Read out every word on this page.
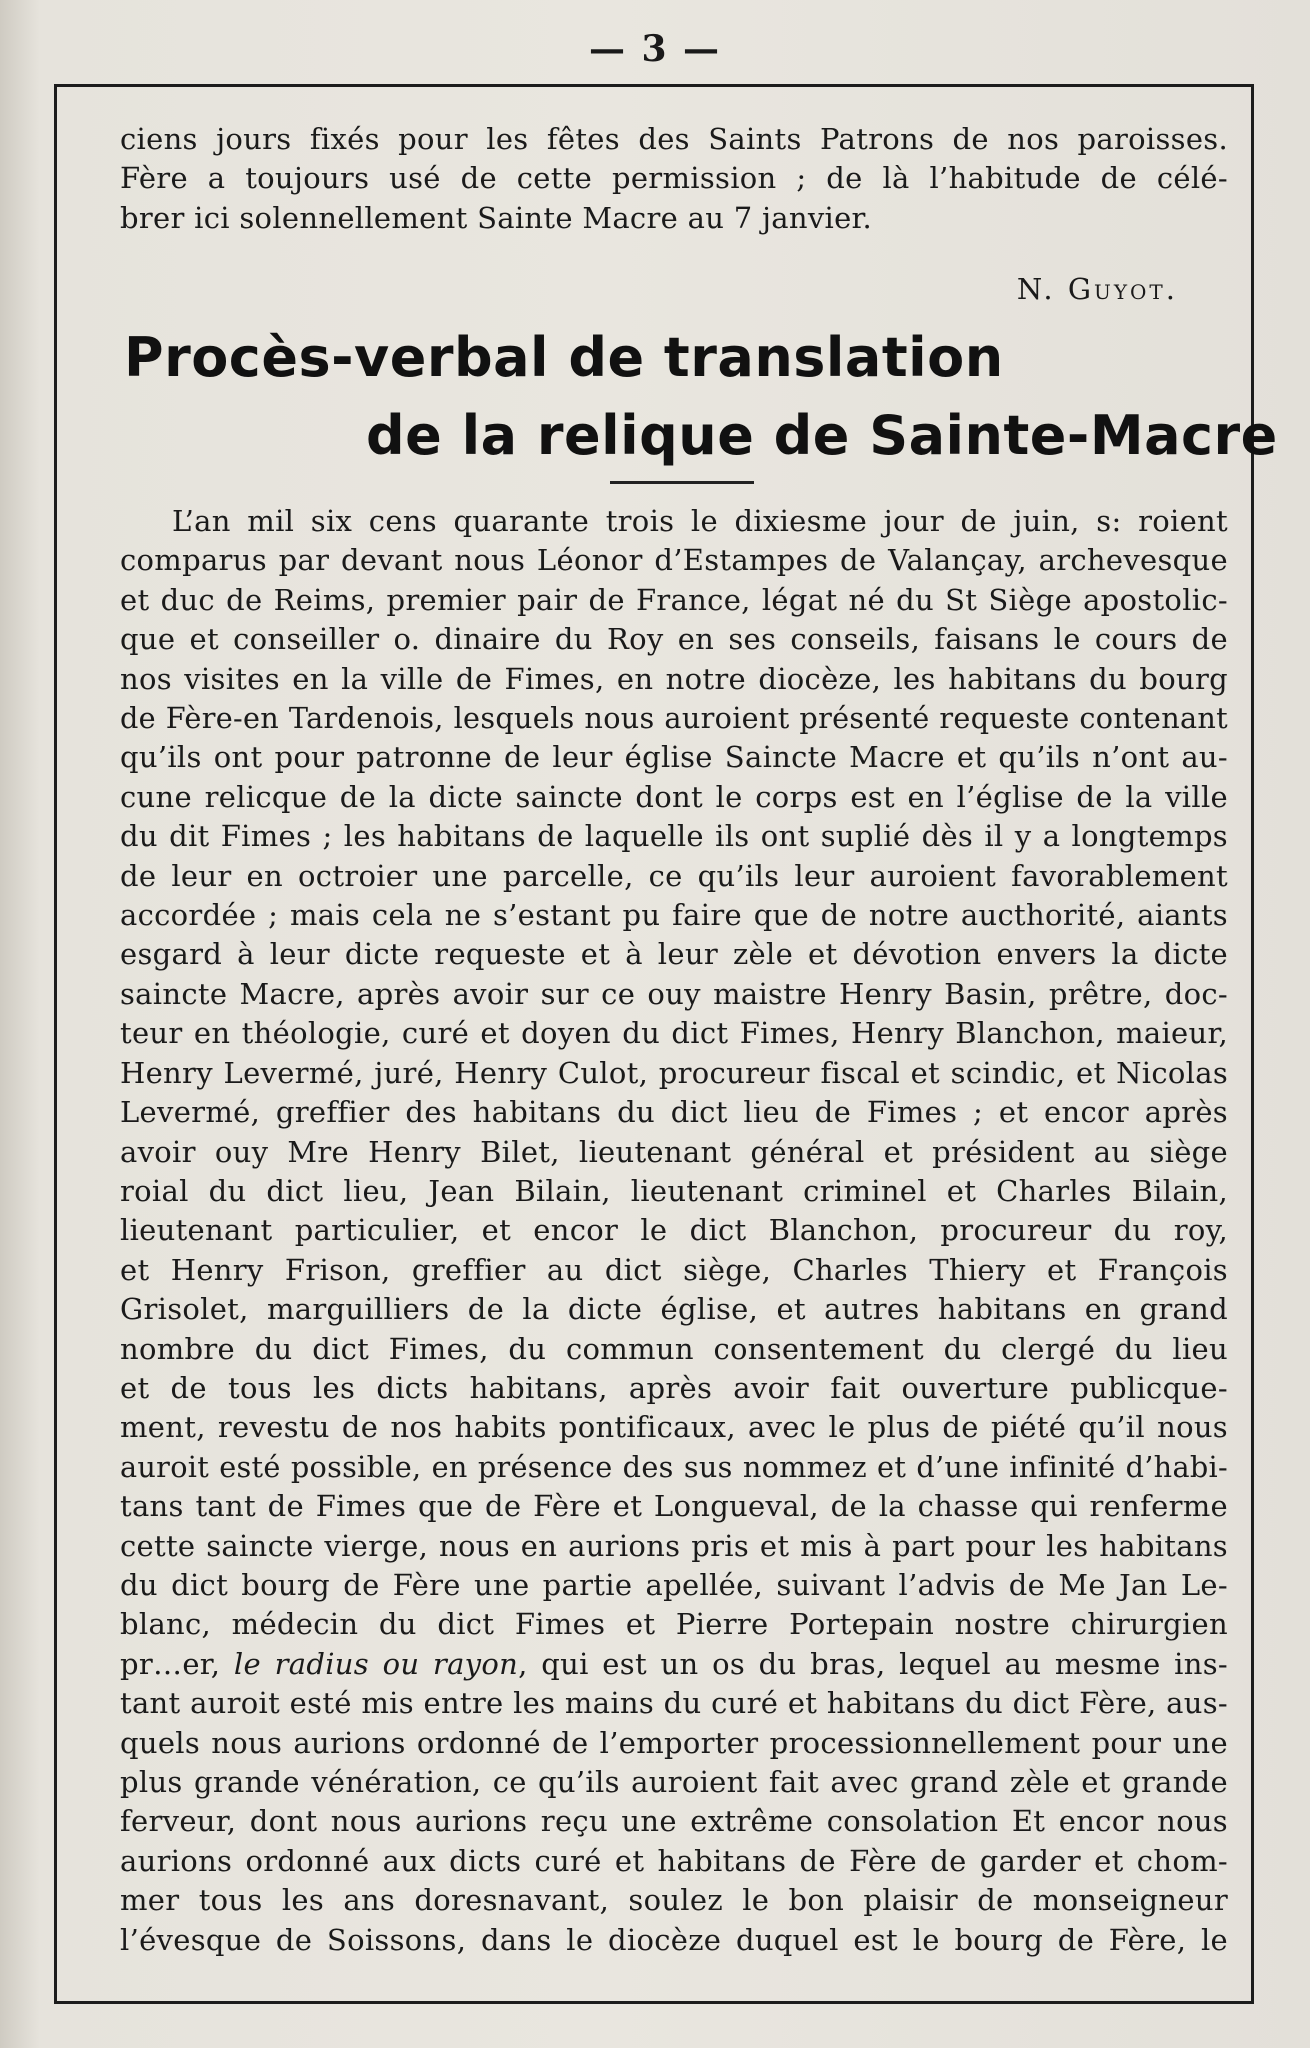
— 3 —
ciens jours fixés pour les fêtes des Saints Patrons de nos paroisses.
Fère a toujours usé de cette permission ; de là l’habitude de célé-
brer ici solennellement Sainte Macre au 7 janvier.
N. Guyot.
Procès-verbal de translation
de la relique de Sainte-Macre
L’an mil six cens quarante trois le dixiesme jour de juin, s: roient
comparus par devant nous Léonor d’Estampes de Valançay, archevesque
et duc de Reims, premier pair de France, légat né du St Siège apostolic-
que et conseiller o. dinaire du Roy en ses conseils, faisans le cours de
nos visites en la ville de Fimes, en notre diocèze, les habitans du bourg
de Fère-en Tardenois, lesquels nous auroient présenté requeste contenant
qu’ils ont pour patronne de leur église Saincte Macre et qu’ils n’ont au-
cune relicque de la dicte saincte dont le corps est en l’église de la ville
du dit Fimes ; les habitans de laquelle ils ont suplié dès il y a longtemps
de leur en octroier une parcelle, ce qu’ils leur auroient favorablement
accordée ; mais cela ne s’estant pu faire que de notre aucthorité, aiants
esgard à leur dicte requeste et à leur zèle et dévotion envers la dicte
saincte Macre, après avoir sur ce ouy maistre Henry Basin, prêtre, doc-
teur en théologie, curé et doyen du dict Fimes, Henry Blanchon, maieur,
Henry Levermé, juré, Henry Culot, procureur fiscal et scindic, et Nicolas
Levermé, greffier des habitans du dict lieu de Fimes ; et encor après
avoir ouy Mre Henry Bilet, lieutenant général et président au siège
roial du dict lieu, Jean Bilain, lieutenant criminel et Charles Bilain,
lieutenant particulier, et encor le dict Blanchon, procureur du roy,
et Henry Frison, greffier au dict siège, Charles Thiery et François
Grisolet, marguilliers de la dicte église, et autres habitans en grand
nombre du dict Fimes, du commun consentement du clergé du lieu
et de tous les dicts habitans, après avoir fait ouverture publicque-
ment, revestu de nos habits pontificaux, avec le plus de piété qu’il nous
auroit esté possible, en présence des sus nommez et d’une infinité d’habi-
tans tant de Fimes que de Fère et Longueval, de la chasse qui renferme
cette saincte vierge, nous en aurions pris et mis à part pour les habitans
du dict bourg de Fère une partie apellée, suivant l’advis de Me Jan Le-
blanc, médecin du dict Fimes et Pierre Portepain nostre chirurgien
pr…er, le radius ou rayon, qui est un os du bras, lequel au mesme ins-
tant auroit esté mis entre les mains du curé et habitans du dict Fère, aus-
quels nous aurions ordonné de l’emporter processionnellement pour une
plus grande vénération, ce qu’ils auroient fait avec grand zèle et grande
ferveur, dont nous aurions reçu une extrême consolation Et encor nous
aurions ordonné aux dicts curé et habitans de Fère de garder et chom-
mer tous les ans doresnavant, soulez le bon plaisir de monseigneur
l’évesque de Soissons, dans le diocèze duquel est le bourg de Fère, le
